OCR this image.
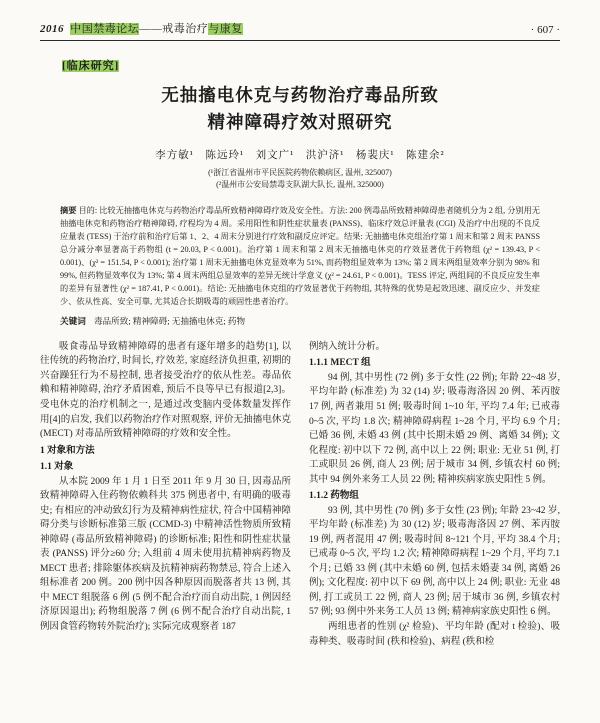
2016 中国禁毒论坛——戒毒治疗与康复	· 607 ·
[临床研究]
无抽搐电休克与药物治疗毒品所致
精神障碍疗效对照研究
李方敏¹　陈远玲¹　刘文广¹　洪沪济¹　杨裴庆¹　陈建余²
(¹浙江省温州市平民医院药物依赖病区, 温州, 325007)
(²温州市公安局禁毒支队湖大队长, 温州, 325000)

摘要 目的: 比较无抽搐电休克与药物治疗毒品所致精神障碍疗效及安全性。方法: 200 例毒品所致精神障碍患者随机分为 2 组, 分别用无抽搐电休克和药物治疗精神障碍, 疗程均为 4 周。采用阳性和阴性症状量表 (PANSS)、临床疗效总评量表 (CGI) 及治疗中出现的不良反应量表 (TESS) 于治疗前和治疗后第 1、2、4 周末分别进行疗效和副反应评定。结果: 无抽搐电休克组治疗第 1 周末和第 2 周末 PANSS 总分减分率显著高于药物组 (t = 20.03, P < 0.001)。治疗第 1 周末和第 2 周末无抽搐电休克的疗效显著优于药物组 (χ² = 139.43, P < 0.001)、(χ² = 151.54, P < 0.001); 治疗第 1 周末无抽搐电休克显效率为 51%, 而药物组显效率为 13%; 第 2 周末两组显效率分别为 98% 和 99%, 但药物显效率仅为 13%; 第 4 周末两组总显效率的差异无统计学意义 (χ² = 24.61, P < 0.001)。TESS 评定, 两组间的不良反应发生率的差异有显著性 (χ² = 187.41, P < 0.001)。结论: 无抽搐电休克组的疗效显著优于药物组, 其特殊的优势是起效迅速、副反应少、并发症少、依从性高、安全可靠, 尤其适合长期吸毒的顽固性患者治疗。

关键词 毒品所致; 精神障碍; 无抽搐电休克; 药物

吸食毒品导致精神障碍的患者有逐年增多的趋势[1], 以往传统的药物治疗, 时间长, 疗效差, 家庭经济负担重, 初期的兴奋躁狂行为不易控制, 患者接受治疗的依从性差。毒品依赖和精神障碍, 治疗矛盾困难, 预后不良等早已有报道[2,3]。受电休克的治疗机制之一, 是通过改变脑内受体数量发挥作用[4]的启发, 我们以药物治疗作对照观察, 评价无抽搐电休克 (MECT) 对毒品所致精神障碍的疗效和安全性。

1 对象和方法

1.1 对象

从本院 2009 年 1 月 1 日至 2011 年 9 月 30 日, 因毒品所致精神障碍入住药物依赖科共 375 例患者中, 有明确的吸毒史; 有相应的冲动致幻行为及精神病性症状, 符合中国精神障碍分类与诊断标准第三版 (CCMD-3) 中精神活性物质所致精神障碍 (毒品所致精神障碍) 的诊断标准; 阳性和阴性症状量表 (PANSS) 评分≥60 分; 入组前 4 周未使用抗精神病药物及 MECT 患者; 排除躯体疾病及抗精神病药物禁忌, 符合上述入组标准者 200 例。200 例中因各种原因而脱落者共 13 例, 其中 MECT 组脱落 6 例 (5 例不配合治疗而自动出院, 1 例因经济原因退出); 药物组脱落 7 例 (6 例不配合治疗自动出院, 1 例因食管药物转外院治疗); 实际完成观察者 187

例纳入统计分析。

1.1.1 MECT 组

94 例, 其中男性 (72 例) 多于女性 (22 例); 年龄 22~48 岁, 平均年龄 (标准差) 为 32 (14) 岁; 吸毒海洛因 20 例、苯丙胺 17 例, 两者兼用 51 例; 吸毒时间 1~10 年, 平均 7.4 年; 已戒毒 0~5 次, 平均 1.8 次; 精神障碍病程 1~28 个月, 平均 6.9 个月; 已婚 36 例, 未婚 43 例 (其中长期未婚 29 例、离婚 34 例); 文化程度: 初中以下 72 例, 高中以上 22 例; 职业: 无业 51 例, 打工或职员 26 例, 商人 23 例; 居于城市 34 例, 乡镇农村 60 例; 其中 94 例外来务工人员 22 例; 精神疾病家族史阳性 5 例。

1.1.2 药物组

93 例, 其中男性 (70 例) 多于女性 (23 例); 年龄 23~42 岁, 平均年龄 (标准差) 为 30 (12) 岁; 吸毒海洛因 27 例、苯丙胺 19 例, 两者混用 47 例; 吸毒时间 8~121 个月, 平均 38.4 个月; 已戒毒 0~5 次, 平均 1.2 次; 精神障碍病程 1~29 个月, 平均 7.1 个月; 已婚 33 例 (其中未婚 60 例, 包括未婚妻 34 例, 离婚 26 例); 文化程度: 初中以下 69 例, 高中以上 24 例; 职业: 无业 48 例, 打工或员工 22 例, 商人 23 例; 居于城市 36 例, 乡镇农村 57 例; 93 例中外来务工人员 13 例; 精神病家族史阳性 6 例。

两组患者的性别 (χ² 检验)、平均年龄 (配对 t 检验)、吸毒种类、吸毒时间 (秩和检验)、病程 (秩和检
